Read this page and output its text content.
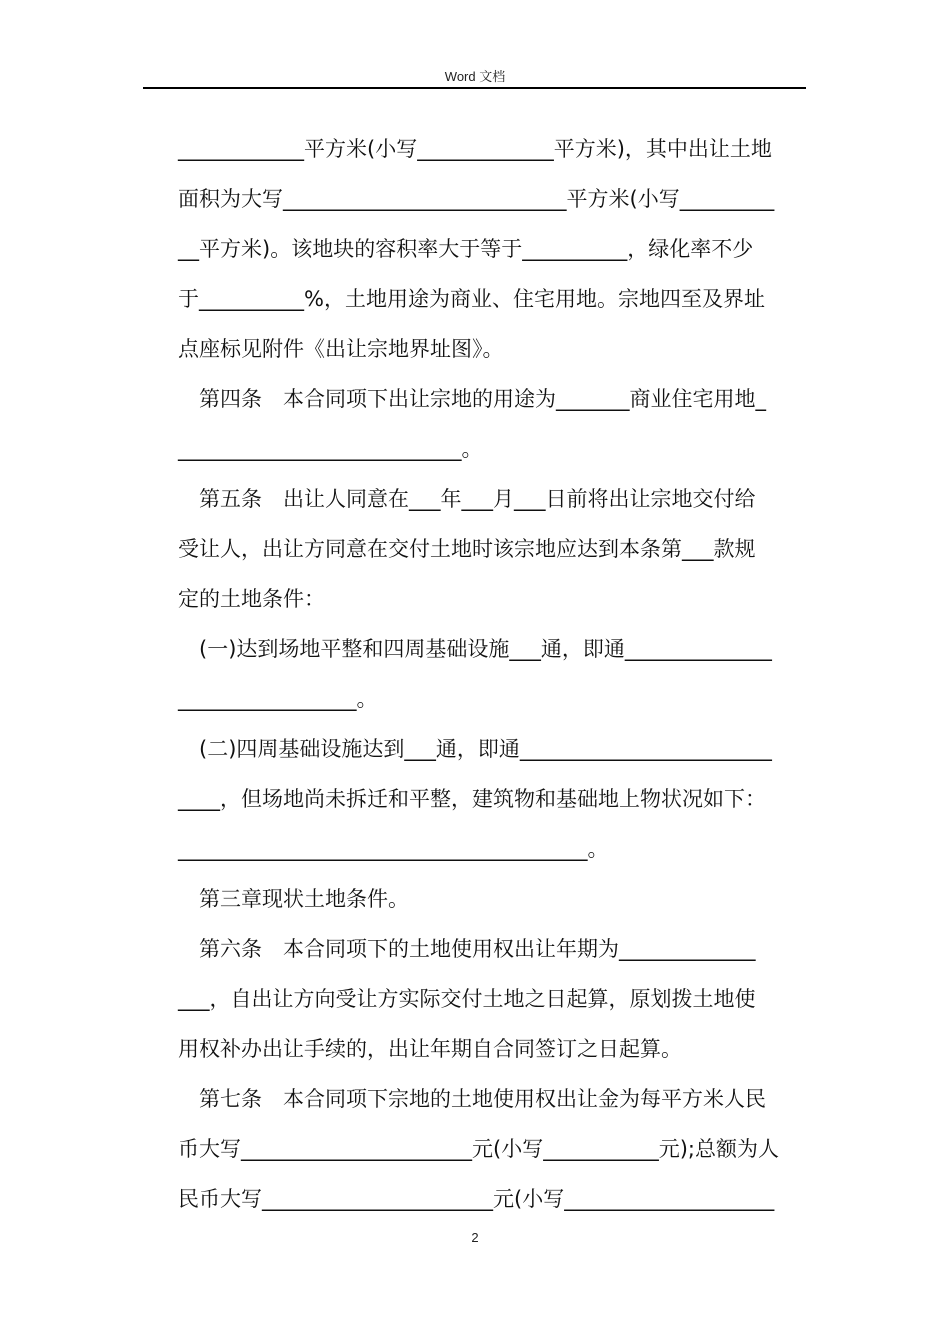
Word 文档
____________平方米(小写_____________平方米)，其中出让土地
面积为大写___________________________平方米(小写_________
__平方米)。该地块的容积率大于等于__________，绿化率不少
于__________%，土地用途为商业、住宅用地。宗地四至及界址
点座标见附件《出让宗地界址图》。
第四条　本合同项下出让宗地的用途为_______商业住宅用地_
___________________________。
第五条　出让人同意在___年___月___日前将出让宗地交付给
受让人，出让方同意在交付土地时该宗地应达到本条第___款规
定的土地条件：
(一)达到场地平整和四周基础设施___通，即通______________
_________________。
(二)四周基础设施达到___通，即通________________________
____，但场地尚未拆迁和平整，建筑物和基础地上物状况如下：
_______________________________________。
第三章现状土地条件。
第六条　本合同项下的土地使用权出让年期为_____________
___，自出让方向受让方实际交付土地之日起算，原划拨土地使
用权补办出让手续的，出让年期自合同签订之日起算。
第七条　本合同项下宗地的土地使用权出让金为每平方米人民
币大写______________________元(小写___________元);总额为人
民币大写______________________元(小写____________________
2
